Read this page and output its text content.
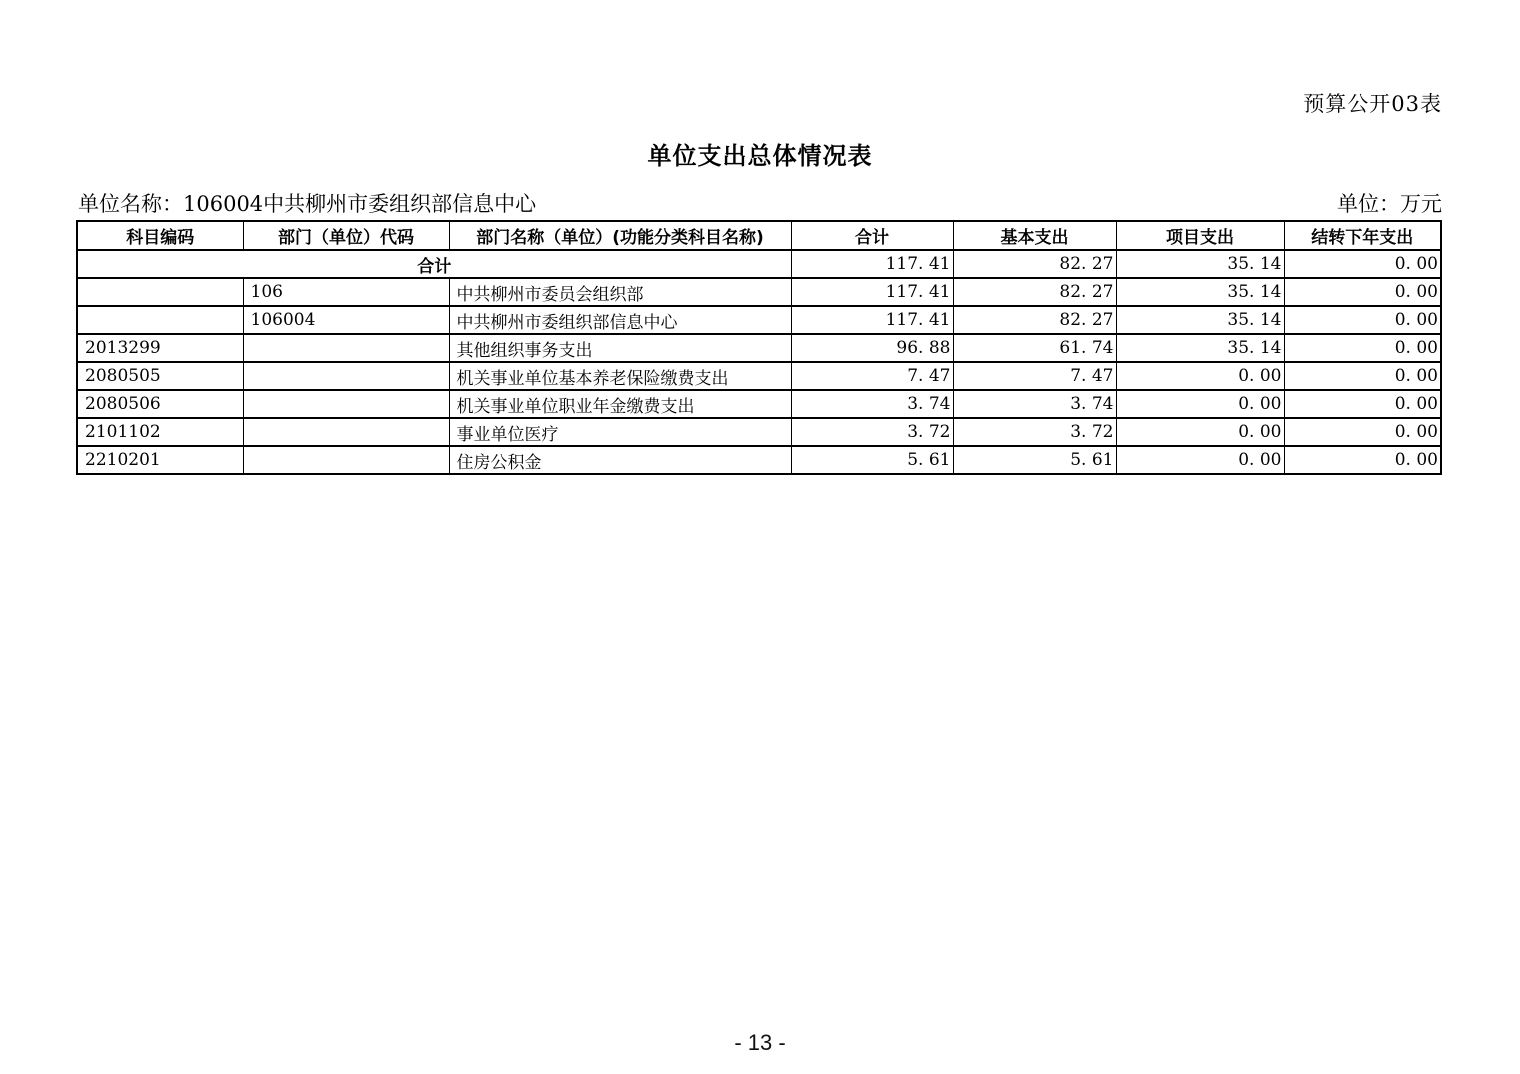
预算公开03表
单位支出总体情况表
单位名称：106004中共柳州市委组织部信息中心	单位：万元
科目编码	部门（单位）代码	部门名称（单位）(功能分类科目名称)	合计	基本支出	项目支出	结转下年支出
合计			117. 41	82. 27	35. 14	0. 00
	106	中共柳州市委员会组织部	117. 41	82. 27	35. 14	0. 00
	106004	中共柳州市委组织部信息中心	117. 41	82. 27	35. 14	0. 00
2013299		其他组织事务支出	96. 88	61. 74	35. 14	0. 00
2080505		机关事业单位基本养老保险缴费支出	7. 47	7. 47	0. 00	0. 00
2080506		机关事业单位职业年金缴费支出	3. 74	3. 74	0. 00	0. 00
2101102		事业单位医疗	3. 72	3. 72	0. 00	0. 00
2210201		住房公积金	5. 61	5. 61	0. 00	0. 00
- 13 -
